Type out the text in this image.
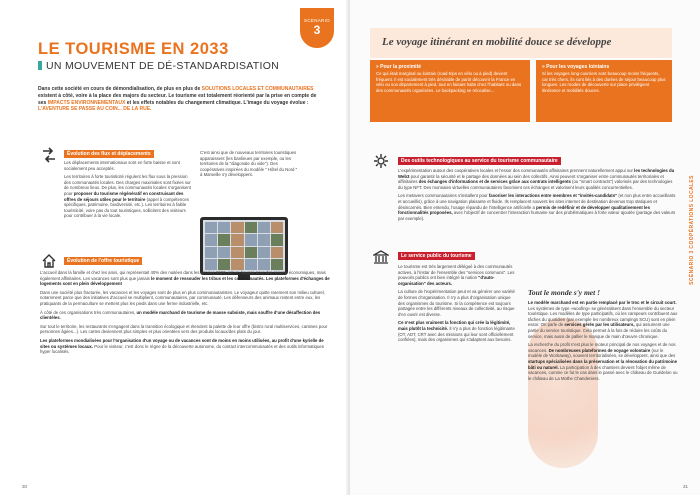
SCENARIO
3
LE TOURISME EN 2033
UN MOUVEMENT DE DÉ-STANDARDISATION
Dans cette société en cours de démondialisation, de plus en plus de SOLUTIONS LOCALES ET COMMUNAUTAIRES existent à côté, voire à la place des majors du secteur. Le tourisme est totalement réorienté par la prise en compte de ses IMPACTS ENVIRONNEMENTAUX et les effets notables du changement climatique. L'image du voyage évolue : L'AVENTURE SE PASSE AU COIN... DE LA RUE.
Évolution des flux et déplacements

Les déplacements internationaux sont en forte baisse et sont socialement peu acceptés.

Les territoires à forte touristicité régulent les flux sous la pression des communautés locales. Des charges maximales sont fixées sur de nombreux lieux. De plus, les communautés locales s'organisent pour proposer du tourisme régénératif en construisant des offres de séjours utiles pour le territoire (appel à compétences spécifiques, patrimoine, biodiversité, etc.). Les territoires à faible touristicité, voire pas du tout touristiques, sollicitent des visiteurs pour contribuer à la vie locale.

C'est ainsi que de nouveaux territoires touristiques apparaissent (les banlieues par exemple, ou les territoires de la "diagonale du vide"). Des coopératives inspirées du modèle " Hôtel du Nord " à Marseille s'y développent.
Évolution de l'offre touristique

L'accueil dans la famille et chez les amis, qui représentait 40% des nuitées dans les années 2020, est en hausse pour des raisons économiques, mais également affinitaires. Les vacances sont plus que jamais le moment de ressouder les tribus et les communautés. Les plateformes d'échanges de logements sont en plein développement

Dans une société plus fracturée, les vacances et les voyages sont de plus en plus communautaristes. Le voyageur quitte rarement son milieu culturel, notamment parce que des initiatives d'accueil se multiplient, communautaires, par communauté. Les défenseurs des animaux restent entre eux, les pratiquants de la permaculture se mettent plus les pieds dans une ferme industrielle, etc.

À côté de ces organisations très communautaires, un modèle marchand de tourisme de masse subsiste, mais souffre d'une désaffection des clientèles.

Sur tout le territoire, les restaurants s'engagent dans la transition écologique et étendent la palette de leur offre (bistro rural multiservices, cantines pour personnes âgées...). Les cartes deviennent plus simples et plus orientées vers des produits locaux/des plats du jour.

Les plateformes mondialisées pour l'organisation d'un voyage ou de vacances sont de moins en moins utilisées, au profit d'une kyrielle de sites ou systèmes locaux. Pour le visiteur, c'est donc le règne de la découverte autonome, du contact intercommunautés et des outils informatiques hyper localisés.

30
Le voyage itinérant en mobilité douce se développe
» Pour la proximité
Ce qui était marginal ou lointain (road-trips en vélo ou à pied) devient fréquent. Il est socialement très désirable de partir découvrir la France en vélo ou son département à pied, tout en faisant halte chez l'habitant ou dans des communautés organisées. Le backpacking se relocalise...
» Pour les voyages lointains
Si les voyages long-courriers sont beaucoup moins fréquents, car très chers, ils sont liés à des durées de séjour beaucoup plus longues. Les modes de découverte sur place privilégient itinérance et mobilités douces.
Des outils technologiques au service du tourisme communautaire

L'expérimentation autour des coopératives locales et l'essor des communautés affinitaires prennent naturellement appui sur les technologies du Web3 pour garantir la sécurité et le partage des données au sein des collectifs. Ainsi peuvent s'organiser entre communautés territoriales et affinitaires des échanges d'informations et de services grâce aux contrats intelligents (ou "smart contracts") valorisés par des technologies du type NFT. Des monnaies virtuelles communautaires favorisent ces échanges et valorisent leurs qualités concurrentielles.

Les metavers communautaires s'installent pour favoriser les interactions entre membres et "invités-candidats" (et non plus entre accueillants et accueillis), grâce à une navigation plaisante et fluide. Ils remplacent souvent les sites internet de destination devenus trop statiques et désincarnés. Bien entendu, l'usage répandu de l'intelligence artificielle a permis de redéfinir et de développer qualitativement les fonctionnalités proposées, avec l'objectif de concentrer l'interaction humaine sur des problématiques à forte valeur ajoutée (partage des valeurs par exemple).

Le service public du tourisme

Le tourisme est très largement délégué à des communautés actives, à l'instar de l'ensemble des "services communs". Les pouvoirs publics ont bien intégré la notion "d'auto-organisation" des acteurs.

La culture de l'expérimentation peut et va générer une variété de formes d'organisation. Il n'y a plus d'organisation unique des organismes du tourisme. Si la compétence est toujours partagée entre les différents niveaux de collectivité, au risque d'en ouvrir est diverse.

Ce n'est plus vraiment la fonction qui crée la légitimité, mais plutôt la technicité. Il n'y a plus de fonction légitimante (OT, ADT, CRT avec des missions qui leur sont officiellement confiées), mais des organismes qui s'adaptent aux besoins.

Tout le monde s'y met !

Le modèle marchand est en partie remplacé par le troc et le circuit court. Les systèmes de type «woofing» se généralisent dans l'ensemble du secteur touristique. Les modèles de type participatifs, où les campeurs contribuent aux tâches du quotidien (par exemple les nombreux campings SCU) sont en plein essor. On parle de services gérés par les utilisateurs, qui assument une partie du service touristique. Cela permet à la fois de réduire les coûts du service, mais aussi de pallier le manque de main d'œuvre chronique.

La recherche du profit n'est plus le moteur principal de nos voyages et de nos vacances. De nombreuses plateformes de voyage volontaire (sur le modèle de Workaway), souvent territorialisées, se développent, ainsi que des startups spécialisées dans la préservation et la rénovation du patrimoine bâti ou naturel. La participation à des chantiers devient l'objet même de vacances, comme ce fut le cas dans le passé avec le château de Guédelon ou le château de La Mothe Chandeniers.

SCÉNARIO 3 COOPÉRATIONS LOCALES
31
